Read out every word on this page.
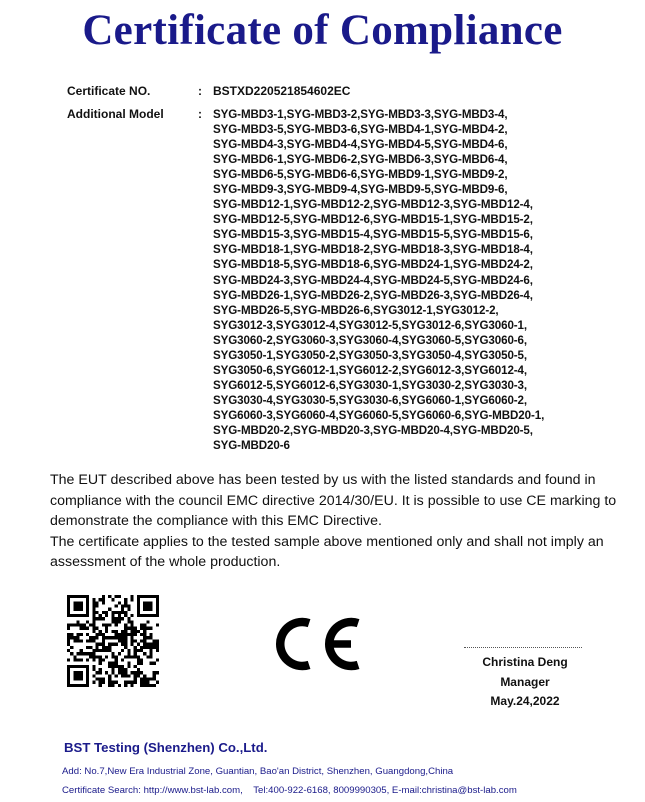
Certificate of Compliance
Certificate NO.	: BSTXD220521854602EC
Additional Model	: SYG-MBD3-1,SYG-MBD3-2,SYG-MBD3-3,SYG-MBD3-4,
SYG-MBD3-5,SYG-MBD3-6,SYG-MBD4-1,SYG-MBD4-2,
SYG-MBD4-3,SYG-MBD4-4,SYG-MBD4-5,SYG-MBD4-6,
SYG-MBD6-1,SYG-MBD6-2,SYG-MBD6-3,SYG-MBD6-4,
SYG-MBD6-5,SYG-MBD6-6,SYG-MBD9-1,SYG-MBD9-2,
SYG-MBD9-3,SYG-MBD9-4,SYG-MBD9-5,SYG-MBD9-6,
SYG-MBD12-1,SYG-MBD12-2,SYG-MBD12-3,SYG-MBD12-4,
SYG-MBD12-5,SYG-MBD12-6,SYG-MBD15-1,SYG-MBD15-2,
SYG-MBD15-3,SYG-MBD15-4,SYG-MBD15-5,SYG-MBD15-6,
SYG-MBD18-1,SYG-MBD18-2,SYG-MBD18-3,SYG-MBD18-4,
SYG-MBD18-5,SYG-MBD18-6,SYG-MBD24-1,SYG-MBD24-2,
SYG-MBD24-3,SYG-MBD24-4,SYG-MBD24-5,SYG-MBD24-6,
SYG-MBD26-1,SYG-MBD26-2,SYG-MBD26-3,SYG-MBD26-4,
SYG-MBD26-5,SYG-MBD26-6,SYG3012-1,SYG3012-2,
SYG3012-3,SYG3012-4,SYG3012-5,SYG3012-6,SYG3060-1,
SYG3060-2,SYG3060-3,SYG3060-4,SYG3060-5,SYG3060-6,
SYG3050-1,SYG3050-2,SYG3050-3,SYG3050-4,SYG3050-5,
SYG3050-6,SYG6012-1,SYG6012-2,SYG6012-3,SYG6012-4,
SYG6012-5,SYG6012-6,SYG3030-1,SYG3030-2,SYG3030-3,
SYG3030-4,SYG3030-5,SYG3030-6,SYG6060-1,SYG6060-2,
SYG6060-3,SYG6060-4,SYG6060-5,SYG6060-6,SYG-MBD20-1,
SYG-MBD20-2,SYG-MBD20-3,SYG-MBD20-4,SYG-MBD20-5,
SYG-MBD20-6

The EUT described above has been tested by us with the listed standards and found in compliance with the council EMC directive 2014/30/EU. It is possible to use CE marking to demonstrate the compliance with this EMC Directive.

The certificate applies to the tested sample above mentioned only and shall not imply an assessment of the whole production.

Christina Deng
Manager
May.24,2022
BST Testing (Shenzhen) Co.,Ltd.
Add: No.7,New Era Industrial Zone, Guantian, Bao'an District, Shenzhen, Guangdong,China
Certificate Search: http://www.bst-lab.com,    Tel:400-922-6168, 8009990305, E-mail:christina@bst-lab.com
